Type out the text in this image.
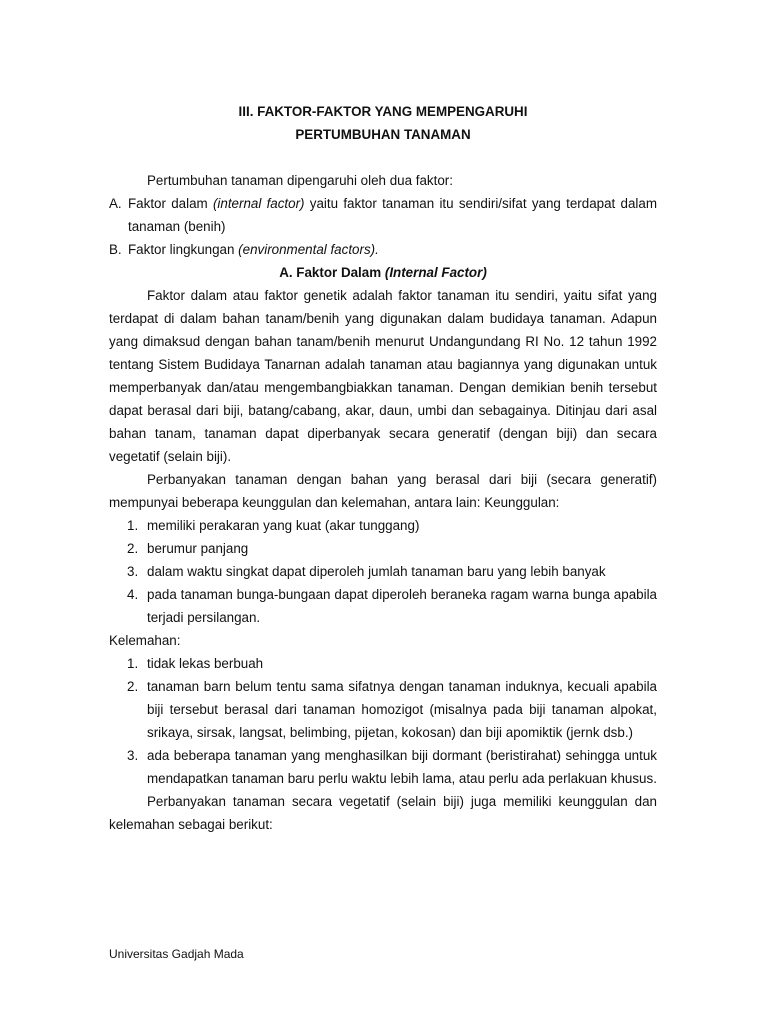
III. FAKTOR-FAKTOR YANG MEMPENGARUHI

PERTUMBUHAN TANAMAN

Pertumbuhan tanaman dipengaruhi oleh dua faktor:

A. Faktor dalam (internal factor) yaitu faktor tanaman itu sendiri/sifat yang terdapat dalam tanaman (benih)
B. Faktor lingkungan (environmental factors).

A. Faktor Dalam (Internal Factor)

Faktor dalam atau faktor genetik adalah faktor tanaman itu sendiri, yaitu sifat yang terdapat di dalam bahan tanam/benih yang digunakan dalam budidaya tanaman. Adapun yang dimaksud dengan bahan tanam/benih menurut Undangundang RI No. 12 tahun 1992 tentang Sistem Budidaya Tanarnan adalah tanaman atau bagiannya yang digunakan untuk memperbanyak dan/atau mengembangbiakkan tanaman. Dengan demikian benih tersebut dapat berasal dari biji, batang/cabang, akar, daun, umbi dan sebagainya. Ditinjau dari asal bahan tanam, tanaman dapat diperbanyak secara generatif (dengan biji) dan secara vegetatif (selain biji).

Perbanyakan tanaman dengan bahan yang berasal dari biji (secara generatif) mempunyai beberapa keunggulan dan kelemahan, antara lain: Keunggulan:

1. memiliki perakaran yang kuat (akar tunggang)
2. berumur panjang
3. dalam waktu singkat dapat diperoleh jumlah tanaman baru yang lebih banyak
4. pada tanaman bunga-bungaan dapat diperoleh beraneka ragam warna bunga apabila terjadi persilangan.

Kelemahan:

1. tidak lekas berbuah
2. tanaman barn belum tentu sama sifatnya dengan tanaman induknya, kecuali apabila biji tersebut berasal dari tanaman homozigot (misalnya pada biji tanaman alpokat, srikaya, sirsak, langsat, belimbing, pijetan, kokosan) dan biji apomiktik (jernk dsb.)
3. ada beberapa tanaman yang menghasilkan biji dormant (beristirahat) sehingga untuk mendapatkan tanaman baru perlu waktu lebih lama, atau perlu ada perlakuan khusus.

Perbanyakan tanaman secara vegetatif (selain biji) juga memiliki keunggulan dan kelemahan sebagai berikut:

Universitas Gadjah Mada
